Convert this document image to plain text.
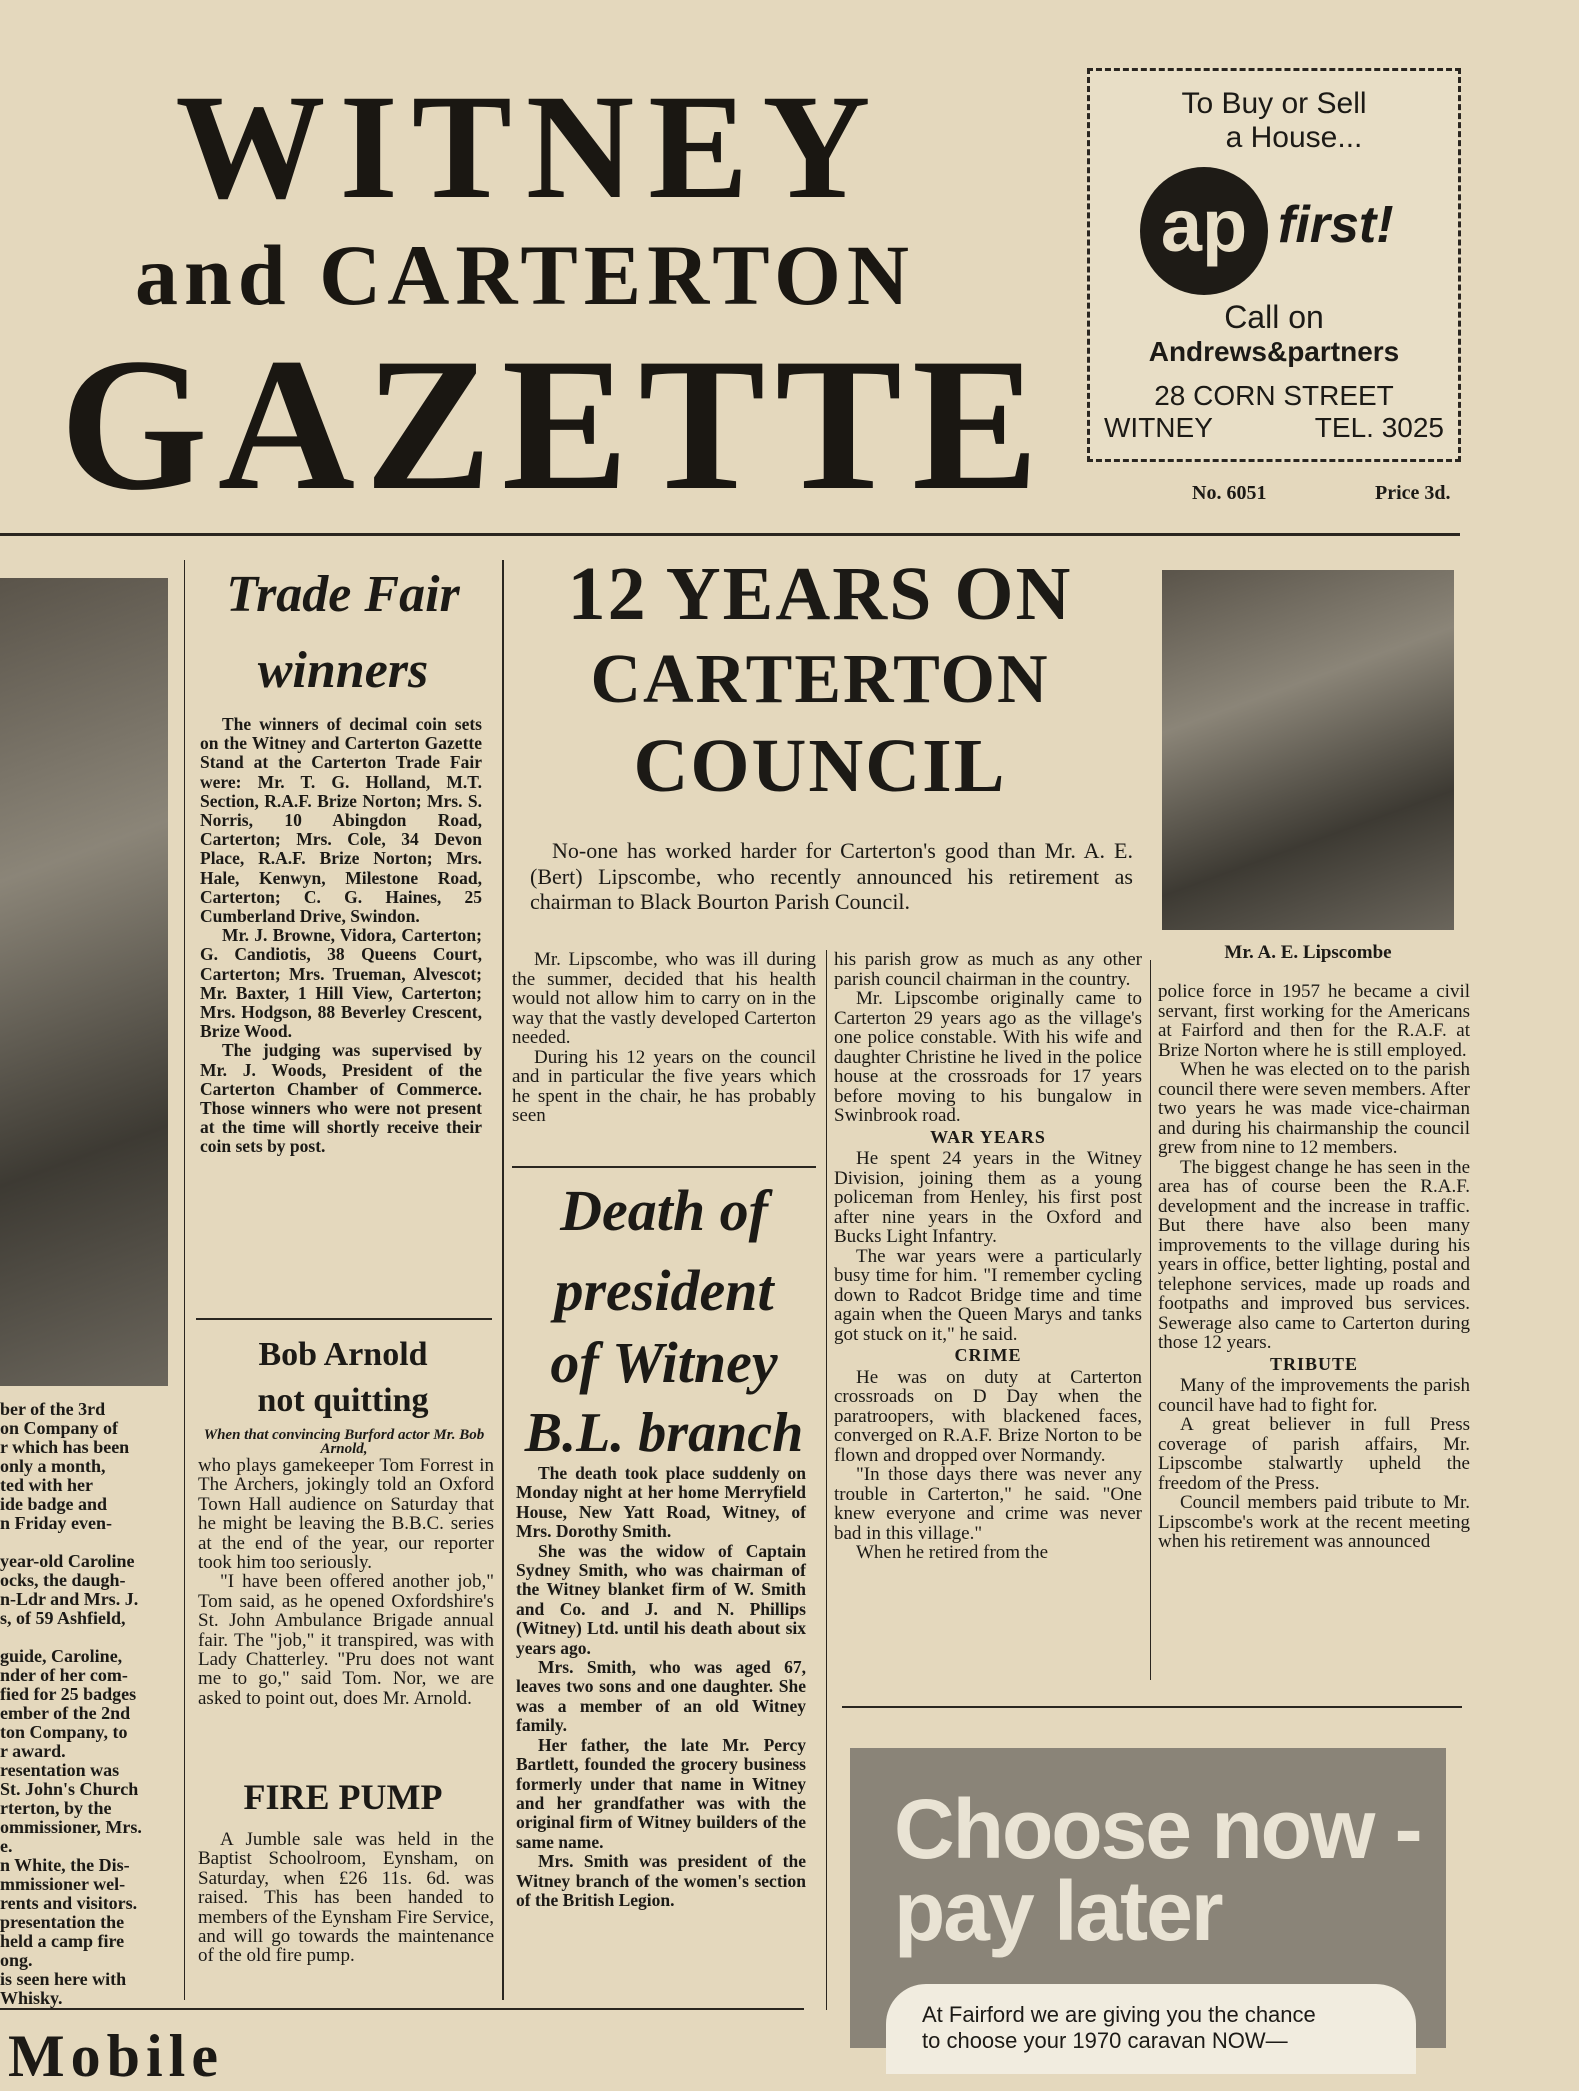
WITNEY
and CARTERTON
GAZETTE
To Buy or Sell
a House...
ap first!
Call on
Andrews&partners
28 CORN STREET
WITNEY	TEL. 3025
No. 6051	Price 3d.
ber of the 3rd
on Company of
r which has been
only a month,
ted with her
ide badge and
n Friday even-

year-old Caroline
ocks, the daugh-
n-Ldr and Mrs. J.
s, of 59 Ashfield,

guide, Caroline,
nder of her com-
fied for 25 badges
ember of the 2nd
ton Company, to
r award.
resentation was
St. John's Church
rterton, by the
ommissioner, Mrs.
e.
n White, the Dis-
mmissioner wel-
rents and visitors.
presentation the
held a camp fire
ong.
is seen here with
Whisky.
Mobile
Trade Fair
winners

The winners of decimal coin sets on the Witney and Carterton Gazette Stand at the Carterton Trade Fair were: Mr. T. G. Holland, M.T. Section, R.A.F. Brize Norton; Mrs. S. Norris, 10 Abingdon Road, Carterton; Mrs. Cole, 34 Devon Place, R.A.F. Brize Norton; Mrs. Hale, Kenwyn, Milestone Road, Carterton; C. G. Haines, 25 Cumberland Drive, Swindon.

Mr. J. Browne, Vidora, Carterton; G. Candiotis, 38 Queens Court, Carterton; Mrs. Trueman, Alvescot; Mr. Baxter, 1 Hill View, Carterton; Mrs. Hodgson, 88 Beverley Crescent, Brize Wood.

The judging was supervised by Mr. J. Woods, President of the Carterton Chamber of Commerce. Those winners who were not present at the time will shortly receive their coin sets by post.

Bob Arnold
not quitting
When that convincing Burford actor Mr. Bob Arnold,

who plays gamekeeper Tom Forrest in The Archers, jokingly told an Oxford Town Hall audience on Saturday that he might be leaving the B.B.C. series at the end of the year, our reporter took him too seriously.

"I have been offered another job," Tom said, as he opened Oxfordshire's St. John Ambulance Brigade annual fair. The "job," it transpired, was with Lady Chatterley. "Pru does not want me to go," said Tom. Nor, we are asked to point out, does Mr. Arnold.

FIRE PUMP

A Jumble sale was held in the Baptist Schoolroom, Eynsham, on Saturday, when £26 11s. 6d. was raised. This has been handed to members of the Eynsham Fire Service, and will go towards the maintenance of the old fire pump.

12 YEARS ON
CARTERTON
COUNCIL

No-one has worked harder for Carterton's good than Mr. A. E. (Bert) Lipscombe, who recently announced his retirement as chairman to Black Bourton Parish Council.

Mr. A. E. Lipscombe

Mr. Lipscombe, who was ill during the summer, decided that his health would not allow him to carry on in the way that the vastly developed Carterton needed.

During his 12 years on the council and in particular the five years which he spent in the chair, he has probably seen

his parish grow as much as any other parish council chairman in the country.

Mr. Lipscombe originally came to Carterton 29 years ago as the village's one police constable. With his wife and daughter Christine he lived in the police house at the crossroads for 17 years before moving to his bungalow in Swinbrook road.

WAR YEARS

He spent 24 years in the Witney Division, joining them as a young policeman from Henley, his first post after nine years in the Oxford and Bucks Light Infantry.

The war years were a particularly busy time for him. "I remember cycling down to Radcot Bridge time and time again when the Queen Marys and tanks got stuck on it," he said.

CRIME

He was on duty at Carterton crossroads on D Day when the paratroopers, with blackened faces, converged on R.A.F. Brize Norton to be flown and dropped over Normandy.

"In those days there was never any trouble in Carterton," he said. "One knew everyone and crime was never bad in this village."

When he retired from the

police force in 1957 he became a civil servant, first working for the Americans at Fairford and then for the R.A.F. at Brize Norton where he is still employed.

When he was elected on to the parish council there were seven members. After two years he was made vice-chairman and during his chairmanship the council grew from nine to 12 members.

The biggest change he has seen in the area has of course been the R.A.F. development and the increase in traffic. But there have also been many improvements to the village during his years in office, better lighting, postal and telephone services, made up roads and footpaths and improved bus services. Sewerage also came to Carterton during those 12 years.

TRIBUTE

Many of the improvements the parish council have had to fight for.

A great believer in full Press coverage of parish affairs, Mr. Lipscombe stalwartly upheld the freedom of the Press.

Council members paid tribute to Mr. Lipscombe's work at the recent meeting when his retirement was announced

Death of
president
of Witney
B.L. branch

The death took place suddenly on Monday night at her home Merryfield House, New Yatt Road, Witney, of Mrs. Dorothy Smith.

She was the widow of Captain Sydney Smith, who was chairman of the Witney blanket firm of W. Smith and Co. and J. and N. Phillips (Witney) Ltd. until his death about six years ago.

Mrs. Smith, who was aged 67, leaves two sons and one daughter. She was a member of an old Witney family.

Her father, the late Mr. Percy Bartlett, founded the grocery business formerly under that name in Witney and her grandfather was with the original firm of Witney builders of the same name.

Mrs. Smith was president of the Witney branch of the women's section of the British Legion.

Choose now -
pay later
At Fairford we are giving you the chance
to choose your 1970 caravan NOW—
